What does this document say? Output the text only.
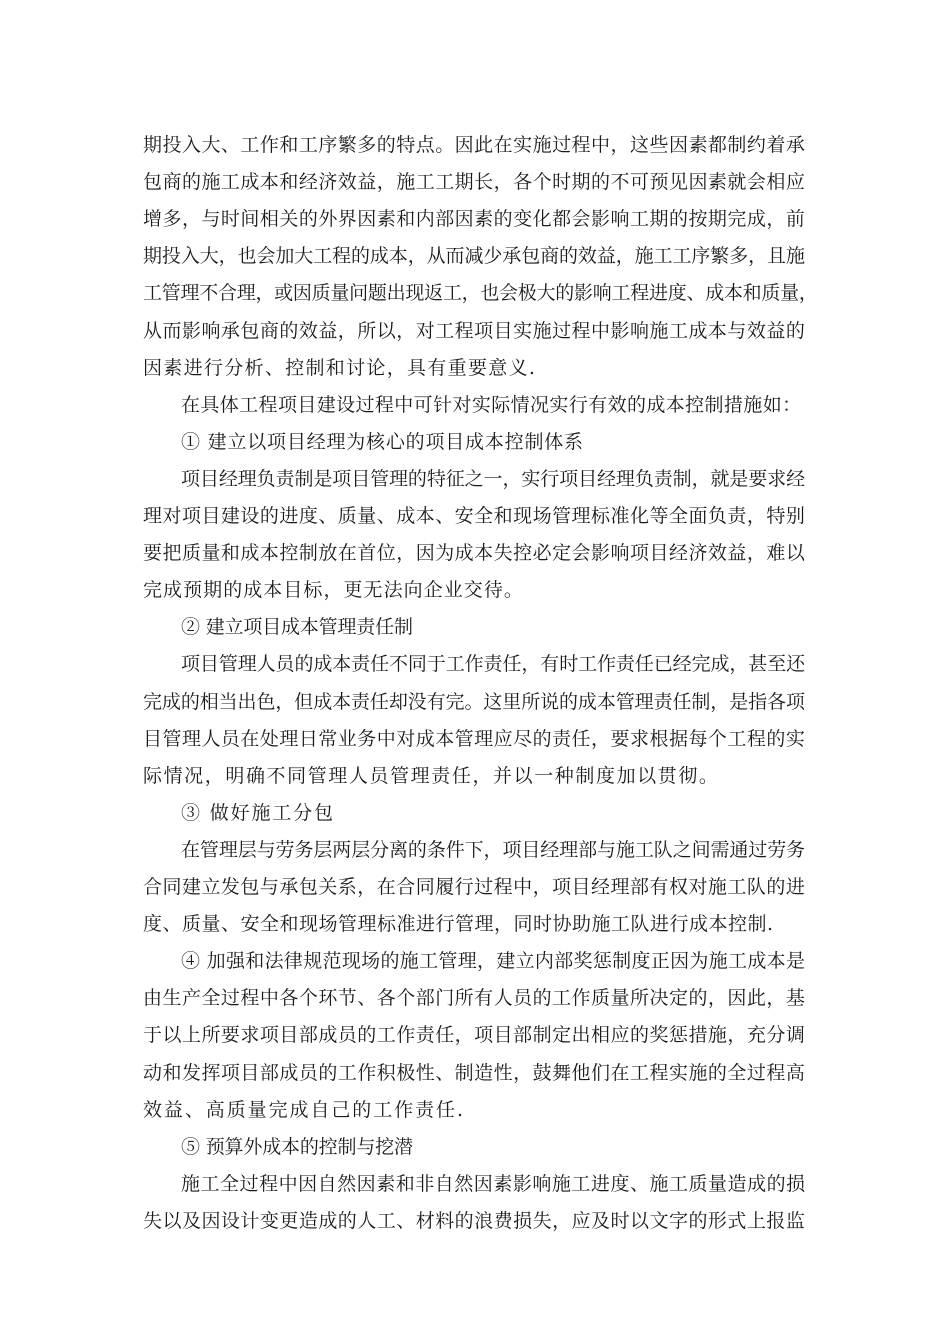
期投入大、工作和工序繁多的特点。因此在实施过程中，这些因素都制约着承
包商的施工成本和经济效益，施工工期长，各个时期的不可预见因素就会相应
增多，与时间相关的外界因素和内部因素的变化都会影响工期的按期完成，前
期投入大，也会加大工程的成本，从而减少承包商的效益，施工工序繁多，且施
工管理不合理，或因质量问题出现返工，也会极大的影响工程进度、成本和质量，
从而影响承包商的效益，所以，对工程项目实施过程中影响施工成本与效益的
因素进行分析、控制和讨论，具有重要意义.
在具体工程项目建设过程中可针对实际情况实行有效的成本控制措施如：
① 建立以项目经理为核心的项目成本控制体系
项目经理负责制是项目管理的特征之一，实行项目经理负责制，就是要求经
理对项目建设的进度、质量、成本、安全和现场管理标准化等全面负责，特别
要把质量和成本控制放在首位，因为成本失控必定会影响项目经济效益，难以
完成预期的成本目标，更无法向企业交待。
② 建立项目成本管理责任制
项目管理人员的成本责任不同于工作责任，有时工作责任已经完成，甚至还
完成的相当出色，但成本责任却没有完。这里所说的成本管理责任制，是指各项
目管理人员在处理日常业务中对成本管理应尽的责任，要求根据每个工程的实
际情况，明确不同管理人员管理责任，并以一种制度加以贯彻。
③ 做好施工分包
在管理层与劳务层两层分离的条件下，项目经理部与施工队之间需通过劳务
合同建立发包与承包关系，在合同履行过程中，项目经理部有权对施工队的进
度、质量、安全和现场管理标准进行管理，同时协助施工队进行成本控制.
④ 加强和法律规范现场的施工管理，建立内部奖惩制度正因为施工成本是
由生产全过程中各个环节、各个部门所有人员的工作质量所决定的，因此，基
于以上所要求项目部成员的工作责任，项目部制定出相应的奖惩措施，充分调
动和发挥项目部成员的工作积极性、制造性，鼓舞他们在工程实施的全过程高
效益、高质量完成自己的工作责任.
⑤ 预算外成本的控制与挖潜
施工全过程中因自然因素和非自然因素影响施工进度、施工质量造成的损
失以及因设计变更造成的人工、材料的浪费损失，应及时以文字的形式上报监
